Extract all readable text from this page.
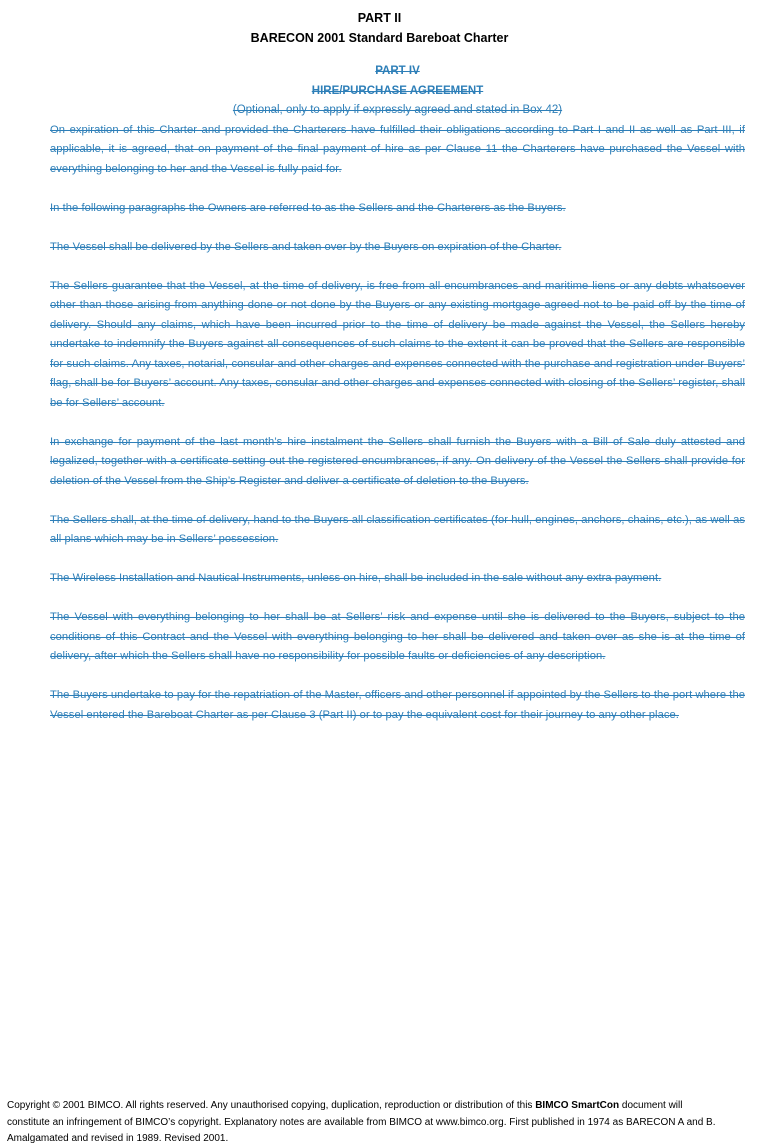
PART II
BARECON 2001 Standard Bareboat Charter
PART IV
HIRE/PURCHASE AGREEMENT
(Optional, only to apply if expressly agreed and stated in Box 42)

On expiration of this Charter and provided the Charterers have fulfilled their obligations according to Part I and II as well as Part III, if applicable, it is agreed, that on payment of the final payment of hire as per Clause 11 the Charterers have purchased the Vessel with everything belonging to her and the Vessel is fully paid for.

In the following paragraphs the Owners are referred to as the Sellers and the Charterers as the Buyers.

The Vessel shall be delivered by the Sellers and taken over by the Buyers on expiration of the Charter.

The Sellers guarantee that the Vessel, at the time of delivery, is free from all encumbrances and maritime liens or any debts whatsoever other than those arising from anything done or not done by the Buyers or any existing mortgage agreed not to be paid off by the time of delivery. Should any claims, which have been incurred prior to the time of delivery be made against the Vessel, the Sellers hereby undertake to indemnify the Buyers against all consequences of such claims to the extent it can be proved that the Sellers are responsible for such claims. Any taxes, notarial, consular and other charges and expenses connected with the purchase and registration under Buyers’ flag, shall be for Buyers’ account. Any taxes, consular and other charges and expenses connected with closing of the Sellers’ register, shall be for Sellers’ account.

In exchange for payment of the last month’s hire instalment the Sellers shall furnish the Buyers with a Bill of Sale duly attested and legalized, together with a certificate setting out the registered encumbrances, if any. On delivery of the Vessel the Sellers shall provide for deletion of the Vessel from the Ship’s Register and deliver a certificate of deletion to the Buyers.

The Sellers shall, at the time of delivery, hand to the Buyers all classification certificates (for hull, engines, anchors, chains, etc.), as well as all plans which may be in Sellers’ possession.

The Wireless Installation and Nautical Instruments, unless on hire, shall be included in the sale without any extra payment.

The Vessel with everything belonging to her shall be at Sellers’ risk and expense until she is delivered to the Buyers, subject to the conditions of this Contract and the Vessel with everything belonging to her shall be delivered and taken over as she is at the time of delivery, after which the Sellers shall have no responsibility for possible faults or deficiencies of any description.

The Buyers undertake to pay for the repatriation of the Master, officers and other personnel if appointed by the Sellers to the port where the Vessel entered the Bareboat Charter as per Clause 3 (Part II) or to pay the equivalent cost for their journey to any other place.

Copyright © 2001 BIMCO. All rights reserved. Any unauthorised copying, duplication, reproduction or distribution of this BIMCO SmartCon document will constitute an infringement of BIMCO’s copyright. Explanatory notes are available from BIMCO at www.bimco.org. First published in 1974 as BARECON A and B. Amalgamated and revised in 1989. Revised 2001.
